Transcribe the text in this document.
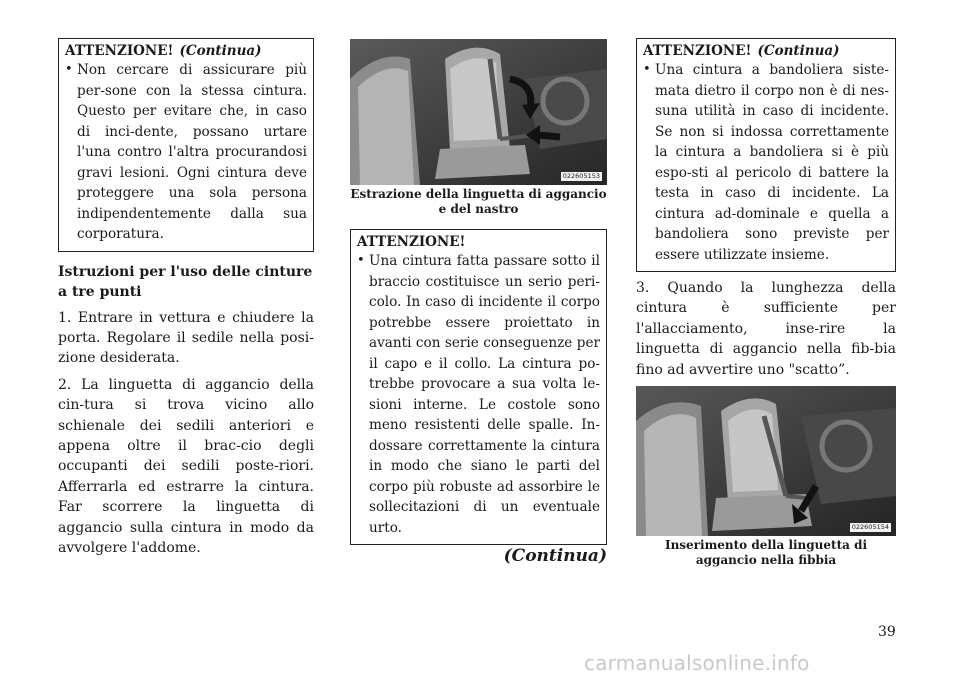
ATTENZIONE! (Continua)
• Non cercare di assicurare più per-sone con la stessa cintura. Questo per evitare che, in caso di inci-dente, possano urtare l'una contro l'altra procurandosi gravi lesioni. Ogni cintura deve proteggere una sola persona indipendentemente dalla sua corporatura.
Istruzioni per l'uso delle cinture a tre punti

1. Entrare in vettura e chiudere la porta. Regolare il sedile nella posi-zione desiderata.

2. La linguetta di aggancio della cin-tura si trova vicino allo schienale dei sedili anteriori e appena oltre il brac-cio degli occupanti dei sedili poste-riori. Afferrarla ed estrarre la cintura. Far scorrere la linguetta di aggancio sulla cintura in modo da avvolgere l'addome.

022605153
Estrazione della linguetta di aggancio e del nastro
ATTENZIONE!
• Una cintura fatta passare sotto il braccio costituisce un serio peri-colo. In caso di incidente il corpo potrebbe essere proiettato in avanti con serie conseguenze per il capo e il collo. La cintura po-trebbe provocare a sua volta le-sioni interne. Le costole sono meno resistenti delle spalle. In-dossare correttamente la cintura in modo che siano le parti del corpo più robuste ad assorbire le sollecitazioni di un eventuale urto.
(Continua)
ATTENZIONE! (Continua)
• Una cintura a bandoliera siste-mata dietro il corpo non è di nes-suna utilità in caso di incidente. Se non si indossa correttamente la cintura a bandoliera si è più espo-sti al pericolo di battere la testa in caso di incidente. La cintura ad-dominale e quella a bandoliera sono previste per essere utilizzate insieme.

3. Quando la lunghezza della cintura è sufficiente per l'allacciamento, inse-rire la linguetta di aggancio nella fib-bia fino ad avvertire uno "scatto”.

022605154
Inserimento della linguetta di aggancio nella fibbia
39
carmanualsonline.info
